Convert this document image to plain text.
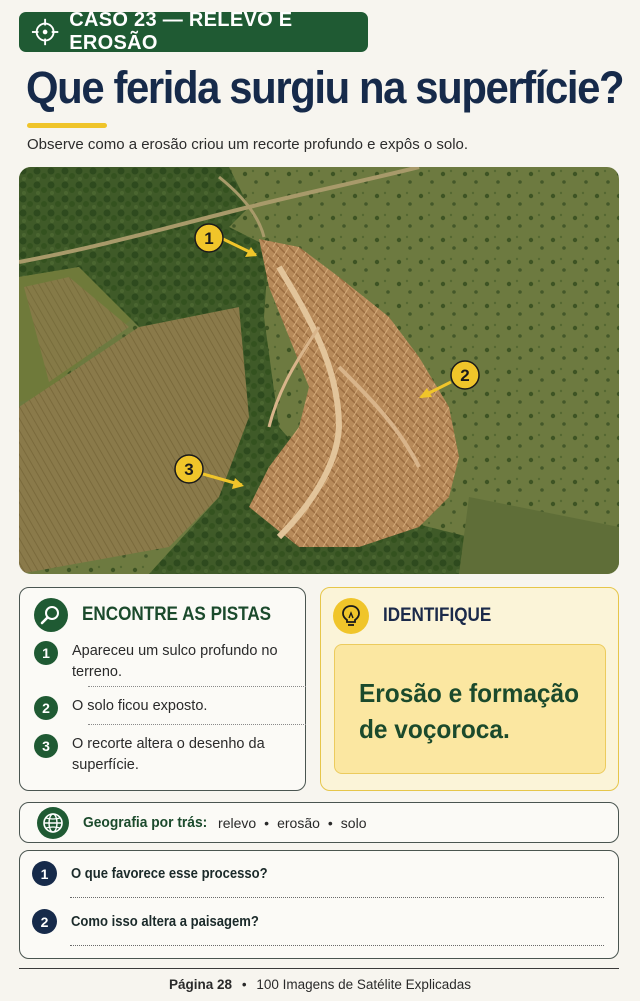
CASO 23 — RELEVO E EROSÃO
Que ferida surgiu na superfície?
Observe como a erosão criou um recorte profundo e expôs o solo.
1
2
3
ENCONTRE AS PISTAS
1	Apareceu um sulco profundo no terreno.
2	O solo ficou exposto.
3	O recorte altera o desenho da superfície.
IDENTIFIQUE
Erosão e formação de voçoroca.
Geografia por trás: relevo • erosão • solo
1	O que favorece esse processo?
2	Como isso altera a paisagem?
Página 28 • 100 Imagens de Satélite Explicadas
